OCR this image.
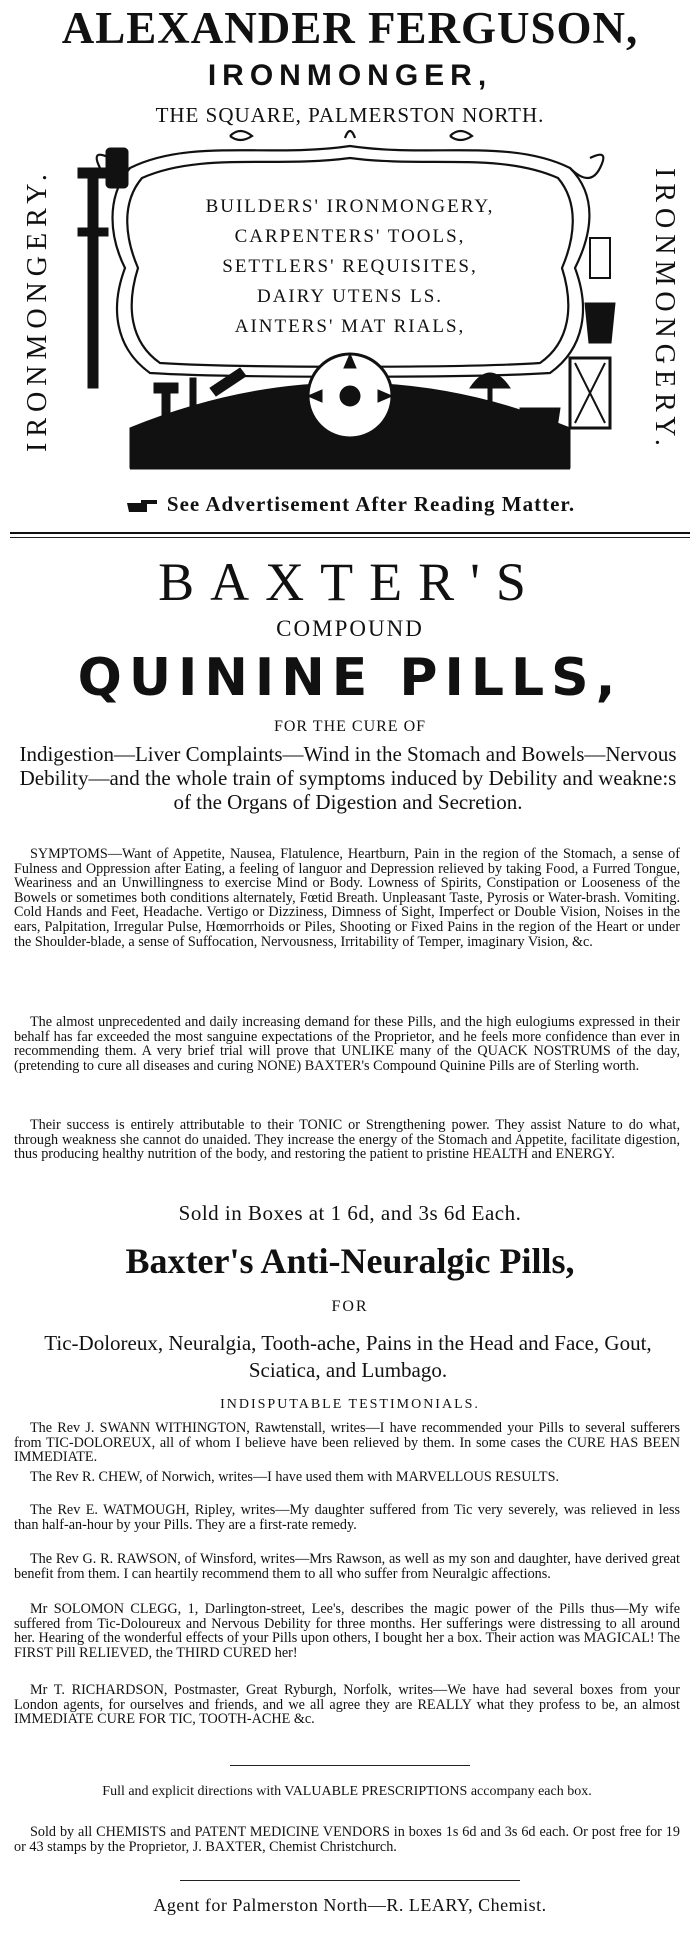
ALEXANDER FERGUSON,
IRONMONGER,
THE SQUARE, PALMERSTON NORTH.
IRONMONGERY.	IRONMONGERY.
BUILDERS' IRONMONGERY,
CARPENTERS' TOOLS,
SETTLERS' REQUISITES,
DAIRY UTENS LS.
AINTERS' MAT RIALS,
See Advertisement After Reading Matter.
BAXTER'S
COMPOUND
QUININE PILLS,
FOR THE CURE OF
Indigestion—Liver Complaints—Wind in the Stomach and Bowels—Nervous Debility—and the whole train of symptoms induced by Debility and weakne:s of the Organs of Digestion and Secretion.

SYMPTOMS—Want of Appetite, Nausea, Flatulence, Heartburn, Pain in the region of the Stomach, a sense of Fulness and Oppression after Eating, a feeling of languor and Depression relieved by taking Food, a Furred Tongue, Weariness and an Unwillingness to exercise Mind or Body. Lowness of Spirits, Constipation or Looseness of the Bowels or sometimes both conditions alternately, Fœtid Breath. Unpleasant Taste, Pyrosis or Water-brash. Vomiting. Cold Hands and Feet, Headache. Vertigo or Dizziness, Dimness of Sight, Imperfect or Double Vision, Noises in the ears, Palpitation, Irregular Pulse, Hœmorrhoids or Piles, Shooting or Fixed Pains in the region of the Heart or under the Shoulder-blade, a sense of Suffocation, Nervousness, Irritability of Temper, imaginary Vision, &c.

The almost unprecedented and daily increasing demand for these Pills, and the high eulogiums expressed in their behalf has far exceeded the most sanguine expectations of the Proprietor, and he feels more confidence than ever in recommending them. A very brief trial will prove that UNLIKE many of the QUACK NOSTRUMS of the day, (pretending to cure all diseases and curing NONE) BAXTER's Compound Quinine Pills are of Sterling worth.

Their success is entirely attributable to their TONIC or Strengthening power. They assist Nature to do what, through weakness she cannot do unaided. They increase the energy of the Stomach and Appetite, facilitate digestion, thus producing healthy nutrition of the body, and restoring the patient to pristine HEALTH and ENERGY.

Sold in Boxes at 1 6d, and 3s 6d Each.
Baxter's Anti-Neuralgic Pills,
FOR
Tic-Doloreux, Neuralgia, Tooth-ache, Pains in the Head and Face, Gout, Sciatica, and Lumbago.
INDISPUTABLE TESTIMONIALS.

The Rev J. SWANN WITHINGTON, Rawtenstall, writes—I have recommended your Pills to several sufferers from TIC-DOLOREUX, all of whom I believe have been relieved by them. In some cases the CURE HAS BEEN IMMEDIATE.

The Rev R. CHEW, of Norwich, writes—I have used them with MARVELLOUS RESULTS.

The Rev E. WATMOUGH, Ripley, writes—My daughter suffered from Tic very severely, was relieved in less than half-an-hour by your Pills. They are a first-rate remedy.

The Rev G. R. RAWSON, of Winsford, writes—Mrs Rawson, as well as my son and daughter, have derived great benefit from them. I can heartily recommend them to all who suffer from Neuralgic affections.

Mr SOLOMON CLEGG, 1, Darlington-street, Lee's, describes the magic power of the Pills thus—My wife suffered from Tic-Doloureux and Nervous Debility for three months. Her sufferings were distressing to all around her. Hearing of the wonderful effects of your Pills upon others, I bought her a box. Their action was MAGICAL! The FIRST Pill RELIEVED, the THIRD CURED her!

Mr T. RICHARDSON, Postmaster, Great Ryburgh, Norfolk, writes—We have had several boxes from your London agents, for ourselves and friends, and we all agree they are REALLY what they profess to be, an almost IMMEDIATE CURE FOR TIC, TOOTH-ACHE &c.

Full and explicit directions with VALUABLE PRESCRIPTIONS accompany each box.

Sold by all CHEMISTS and PATENT MEDICINE VENDORS in boxes 1s 6d and 3s 6d each. Or post free for 19 or 43 stamps by the Proprietor, J. BAXTER, Chemist Christchurch.

Agent for Palmerston North—R. LEARY, Chemist.
